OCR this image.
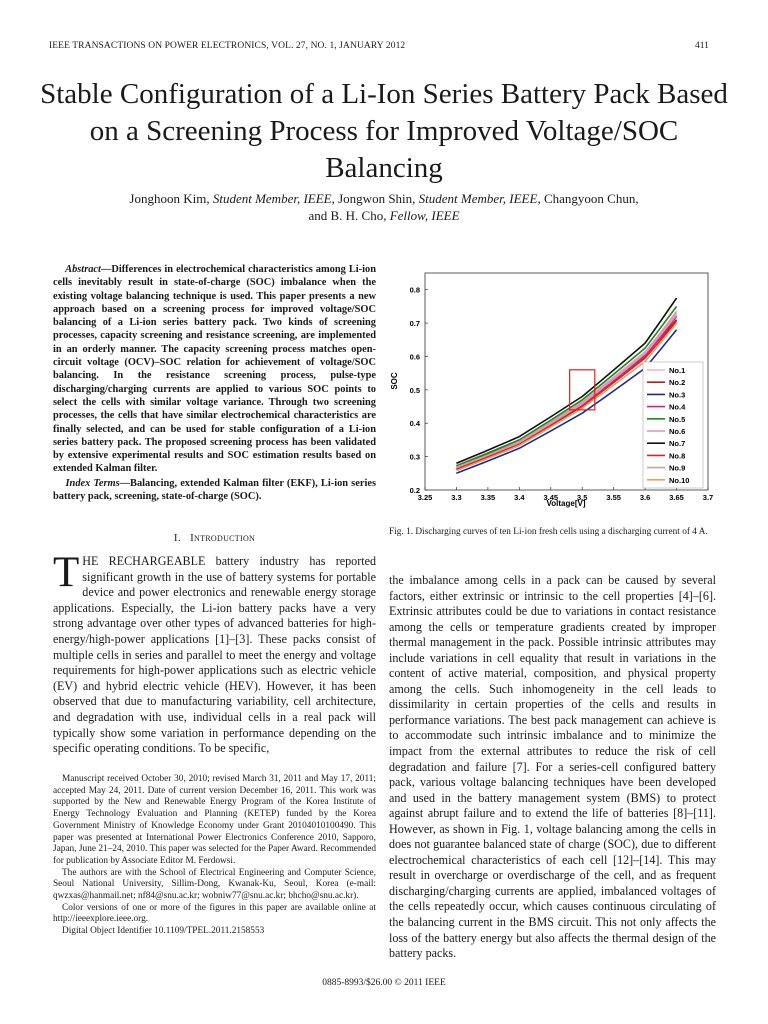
IEEE TRANSACTIONS ON POWER ELECTRONICS, VOL. 27, NO. 1, JANUARY 2012	411
Stable Configuration of a Li-Ion Series Battery Pack Based on a Screening Process for Improved Voltage/SOC Balancing
Jonghoon Kim, Student Member, IEEE, Jongwon Shin, Student Member, IEEE, Changyoon Chun,
and B. H. Cho, Fellow, IEEE
Abstract—Differences in electrochemical characteristics among Li-ion cells inevitably result in state-of-charge (SOC) imbalance when the existing voltage balancing technique is used. This paper presents a new approach based on a screening process for improved voltage/SOC balancing of a Li-ion series battery pack. Two kinds of screening processes, capacity screening and resistance screening, are implemented in an orderly manner. The capacity screening process matches open-circuit voltage (OCV)–SOC relation for achievement of voltage/SOC balancing. In the resistance screening process, pulse-type discharging/charging currents are applied to various SOC points to select the cells with similar voltage variance. Through two screening processes, the cells that have similar electrochemical characteristics are finally selected, and can be used for stable configuration of a Li-ion series battery pack. The proposed screening process has been validated by extensive experimental results and SOC estimation results based on extended Kalman filter.
Index Terms—Balancing, extended Kalman filter (EKF), Li-ion series battery pack, screening, state-of-charge (SOC).
I. Introduction
THE RECHARGEABLE battery industry has reported significant growth in the use of battery systems for portable device and power electronics and renewable energy storage applications. Especially, the Li-ion battery packs have a very strong advantage over other types of advanced batteries for high-energy/high-power applications [1]–[3]. These packs consist of multiple cells in series and parallel to meet the energy and voltage requirements for high-power applications such as electric vehicle (EV) and hybrid electric vehicle (HEV). However, it has been observed that due to manufacturing variability, cell architecture, and degradation with use, individual cells in a real pack will typically show some variation in performance depending on the specific operating conditions. To be specific,

Manuscript received October 30, 2010; revised March 31, 2011 and May 17, 2011; accepted May 24, 2011. Date of current version December 16, 2011. This work was supported by the New and Renewable Energy Program of the Korea Institute of Energy Technology Evaluation and Planning (KETEP) funded by the Korea Government Ministry of Knowledge Economy under Grant 20104010100490. This paper was presented at International Power Electronics Conference 2010, Sapporo, Japan, June 21–24, 2010. This paper was selected for the Paper Award. Recommended for publication by Associate Editor M. Ferdowsi.

The authors are with the School of Electrical Engineering and Computer Science, Seoul National University, Sillim-Dong, Kwanak-Ku, Seoul, Korea (e-mail: qwzxas@hanmail.net; nf84@snu.ac.kr; wobniw77@snu.ac.kr; bhcho@snu.ac.kr).

Color versions of one or more of the figures in this paper are available online at http://ieeexplore.ieee.org.

Digital Object Identifier 10.1109/TPEL.2011.2158553

3.25	3.3	3.35	3.4	3.45	3.5	3.55	3.6	3.65	3.7
0.2
0.3
0.4
0.5
0.6
0.7
0.8
No.1
No.2
No.3
No.4
No.5
No.6
No.7
No.8
No.9
No.10
Voltage[V]
SOC
Fig. 1. Discharging curves of ten Li-ion fresh cells using a discharging current of 4 A.
the imbalance among cells in a pack can be caused by several factors, either extrinsic or intrinsic to the cell properties [4]–[6]. Extrinsic attributes could be due to variations in contact resistance among the cells or temperature gradients created by improper thermal management in the pack. Possible intrinsic attributes may include variations in cell equality that result in variations in the content of active material, composition, and physical property among the cells. Such inhomogeneity in the cell leads to dissimilarity in certain properties of the cells and results in performance variations. The best pack management can achieve is to accommodate such intrinsic imbalance and to minimize the impact from the external attributes to reduce the risk of cell degradation and failure [7]. For a series-cell configured battery pack, various voltage balancing techniques have been developed and used in the battery management system (BMS) to protect against abrupt failure and to extend the life of batteries [8]–[11]. However, as shown in Fig. 1, voltage balancing among the cells in does not guarantee balanced state of charge (SOC), due to different electrochemical characteristics of each cell [12]–[14]. This may result in overcharge or overdischarge of the cell, and as frequent discharging/charging currents are applied, imbalanced voltages of the cells repeatedly occur, which causes continuous circulating of the balancing current in the BMS circuit. This not only affects the loss of the battery energy but also affects the thermal design of the battery packs.
0885-8993/$26.00 © 2011 IEEE
